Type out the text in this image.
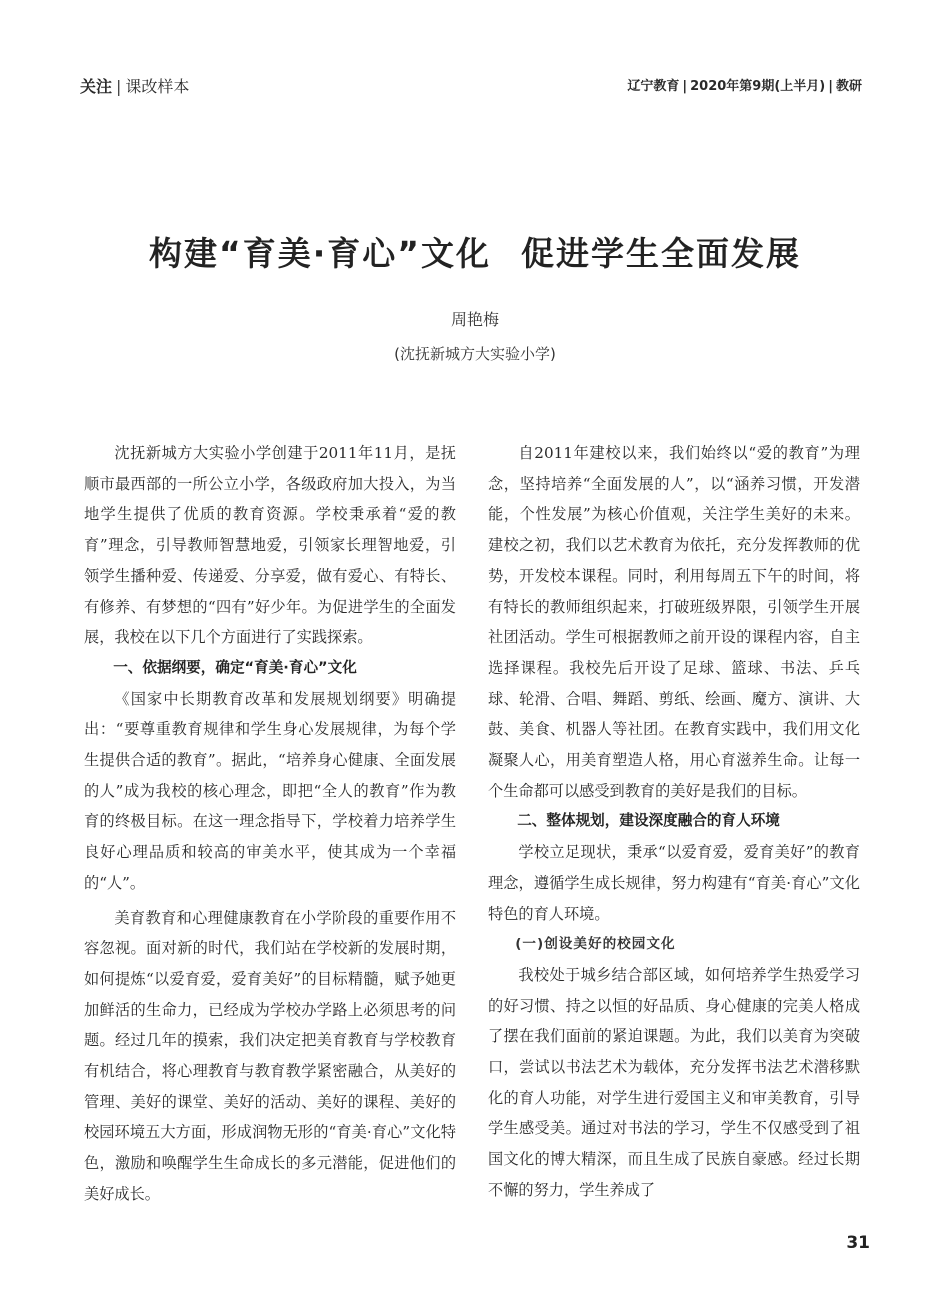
关注 | 课改样本	辽宁教育 | 2020年第9期(上半月) | 教研
构建“育美·育心”文化 促进学生全面发展
周艳梅
(沈抚新城方大实验小学)

沈抚新城方大实验小学创建于2011年11月，是抚顺市最西部的一所公立小学，各级政府加大投入，为当地学生提供了优质的教育资源。学校秉承着“爱的教育”理念，引导教师智慧地爱，引领家长理智地爱，引领学生播种爱、传递爱、分享爱，做有爱心、有特长、有修养、有梦想的“四有”好少年。为促进学生的全面发展，我校在以下几个方面进行了实践探索。

一、依据纲要，确定“育美·育心”文化

《国家中长期教育改革和发展规划纲要》明确提出：“要尊重教育规律和学生身心发展规律，为每个学生提供合适的教育”。据此，“培养身心健康、全面发展的人”成为我校的核心理念，即把“全人的教育”作为教育的终极目标。在这一理念指导下，学校着力培养学生良好心理品质和较高的审美水平，使其成为一个幸福的“人”。

美育教育和心理健康教育在小学阶段的重要作用不容忽视。面对新的时代，我们站在学校新的发展时期，如何提炼“以爱育爱，爱育美好”的目标精髓，赋予她更加鲜活的生命力，已经成为学校办学路上必须思考的问题。经过几年的摸索，我们决定把美育教育与学校教育有机结合，将心理教育与教育教学紧密融合，从美好的管理、美好的课堂、美好的活动、美好的课程、美好的校园环境五大方面，形成润物无形的“育美·育心”文化特色，激励和唤醒学生生命成长的多元潜能，促进他们的美好成长。

自2011年建校以来，我们始终以“爱的教育”为理念，坚持培养“全面发展的人”，以“涵养习惯，开发潜能，个性发展”为核心价值观，关注学生美好的未来。建校之初，我们以艺术教育为依托，充分发挥教师的优势，开发校本课程。同时，利用每周五下午的时间，将有特长的教师组织起来，打破班级界限，引领学生开展社团活动。学生可根据教师之前开设的课程内容，自主选择课程。我校先后开设了足球、篮球、书法、乒乓球、轮滑、合唱、舞蹈、剪纸、绘画、魔方、演讲、大鼓、美食、机器人等社团。在教育实践中，我们用文化凝聚人心，用美育塑造人格，用心育滋养生命。让每一个生命都可以感受到教育的美好是我们的目标。

二、整体规划，建设深度融合的育人环境

学校立足现状，秉承“以爱育爱，爱育美好”的教育理念，遵循学生成长规律，努力构建有“育美·育心”文化特色的育人环境。

(一)创设美好的校园文化

我校处于城乡结合部区域，如何培养学生热爱学习的好习惯、持之以恒的好品质、身心健康的完美人格成了摆在我们面前的紧迫课题。为此，我们以美育为突破口，尝试以书法艺术为载体，充分发挥书法艺术潜移默化的育人功能，对学生进行爱国主义和审美教育，引导学生感受美。通过对书法的学习，学生不仅感受到了祖国文化的博大精深，而且生成了民族自豪感。经过长期不懈的努力，学生养成了

31
